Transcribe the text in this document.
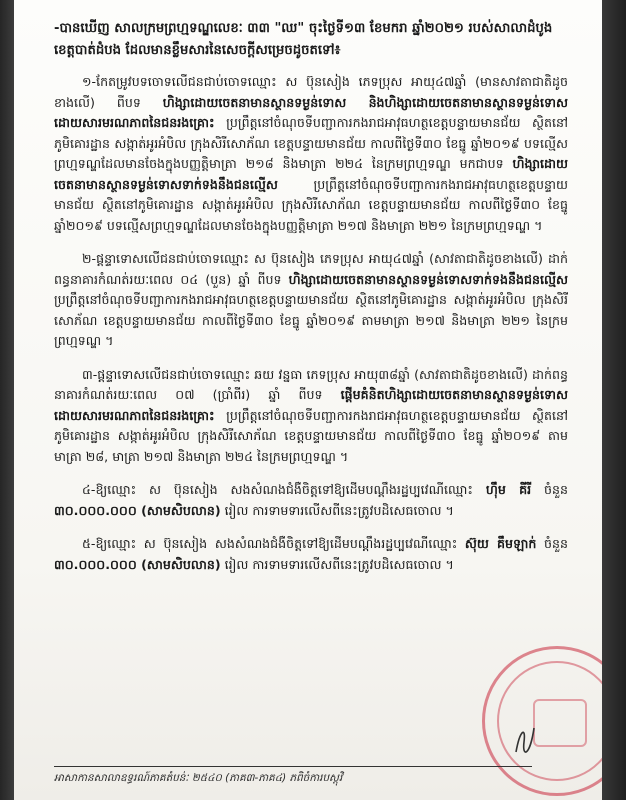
-បានឃើញ សាលក្រមព្រហ្មទណ្ឌលេខៈ ៣៣ "ឈ" ចុះថ្ងៃទី១៣ ខែមករា ឆ្នាំ២០២១ របស់សាលាដំបូងខេត្តបាត់ដំបង ដែលមានខ្លឹមសារនៃសេចក្តីសម្រេចដូចតទៅ៖

១-កែតម្រូវបទចោទលើជនជាប់ចោទឈ្មោះ ស ប៊ុនសៀង ភេទប្រុស អាយុ៤៧ឆ្នាំ (មានសាវតាជាតិដូចខាងលើ) ពីបទ ហិង្សាដោយចេតនាមានស្ថានទម្ងន់ទោស និងហិង្សាដោយចេតនាមានស្ថានទម្ងន់ទោសដោយសារមរណភាពនៃជនរងគ្រោះ ប្រព្រឹត្តនៅចំណុចទីបញ្ជាការកងរាជអាវុធហត្ថខេត្តបន្ទាយមានជ័យ ស្ថិតនៅភូមិគោរដ្ឋាន សង្កាត់អូរអំបិល ក្រុងសិរីសោភ័ណ ខេត្តបន្ទាយមានជ័យ កាលពីថ្ងៃទី៣០ ខែធ្នូ ឆ្នាំ២០១៩ បទល្មើសព្រហ្មទណ្ឌដែលមានចែងក្នុងបញ្ញត្តិមាត្រា ២១៨ និងមាត្រា ២២៤ នៃក្រមព្រហ្មទណ្ឌ មកជាបទ ហិង្សាដោយចេតនាមានស្ថានទម្ងន់ទោសទាក់ទងនឹងជនល្មើស ប្រព្រឹត្តនៅចំណុចទីបញ្ជាការកងរាជអាវុធហត្ថខេត្តបន្ទាយមានជ័យ ស្ថិតនៅភូមិគោរដ្ឋាន សង្កាត់អូរអំបិល ក្រុងសិរីសោភ័ណ ខេត្តបន្ទាយមានជ័យ កាលពីថ្ងៃទី៣០ ខែធ្នូ ឆ្នាំ២០១៩ បទល្មើសព្រហ្មទណ្ឌដែលមានចែងក្នុងបញ្ញត្តិមាត្រា ២១៧ និងមាត្រា ២២១ នៃក្រមព្រហ្មទណ្ឌ ។

២-ផ្តន្ទាទោសលើជនជាប់ចោទឈ្មោះ ស ប៊ុនសៀង ភេទប្រុស អាយុ៤៧ឆ្នាំ (សាវតាជាតិដូចខាងលើ) ដាក់ពន្ធនាគារកំណត់រយៈពេល ០៤ (បួន) ឆ្នាំ ពីបទ ហិង្សាដោយចេតនាមានស្ថានទម្ងន់ទោសទាក់ទងនឹងជនល្មើស ប្រព្រឹត្តនៅចំណុចទីបញ្ជាការកងរាជអាវុធហត្ថខេត្តបន្ទាយមានជ័យ ស្ថិតនៅភូមិគោរដ្ឋាន សង្កាត់អូរអំបិល ក្រុងសិរីសោភ័ណ ខេត្តបន្ទាយមានជ័យ កាលពីថ្ងៃទី៣០ ខែធ្នូ ឆ្នាំ២០១៩ តាមមាត្រា ២១៧ និងមាត្រា ២២១ នៃក្រមព្រហ្មទណ្ឌ ។

៣-ផ្តន្ទាទោសលើជនជាប់ចោទឈ្មោះ ឆយ វន្នធា ភេទប្រុស អាយុ៣៨ឆ្នាំ (សាវតាជាតិដូចខាងលើ) ដាក់ពន្ធនាគារកំណត់រយៈពេល ០៧ (ប្រាំពីរ) ឆ្នាំ ពីបទ ផ្តើមគំនិតហិង្សាដោយចេតនាមានស្ថានទម្ងន់ទោសដោយសារមរណភាពនៃជនរងគ្រោះ ប្រព្រឹត្តនៅចំណុចទីបញ្ជាការកងរាជអាវុធហត្ថខេត្តបន្ទាយមានជ័យ ស្ថិតនៅភូមិគោរដ្ឋាន សង្កាត់អូរអំបិល ក្រុងសិរីសោភ័ណ ខេត្តបន្ទាយមានជ័យ កាលពីថ្ងៃទី៣០ ខែធ្នូ ឆ្នាំ២០១៩ តាមមាត្រា ២៨, មាត្រា ២១៧ និងមាត្រា ២២៤ នៃក្រមព្រហ្មទណ្ឌ ។

៤-ឱ្យឈ្មោះ ស ប៊ុនសៀង សងសំណងជំងឺចិត្តទៅឱ្យដើមបណ្តឹងរដ្ឋប្បវេណីឈ្មោះ ហ៊ឹម គីរី ចំនួន ៣០.០០០.០០០ (សាមសិបលាន) រៀល ការទាមទារលើសពីនេះត្រូវបដិសេធចោល ។

៥-ឱ្យឈ្មោះ ស ប៊ុនសៀង សងសំណងជំងឺចិត្តទៅឱ្យដើមបណ្តឹងរដ្ឋប្បវេណីឈ្មោះ ស៊ុយ គឹមឡាក់ ចំនួន ៣០.០០០.០០០ (សាមសិបលាន) រៀល ការទាមទារលើសពីនេះត្រូវបដិសេធចោល ។

អាសាកានសាលាឧទ្ធរណ៍ភាគតំបន់ៈ ២៥៤០ (ភាគ៣-ភាគ៤) ភពិចំការបស្តុវិ
